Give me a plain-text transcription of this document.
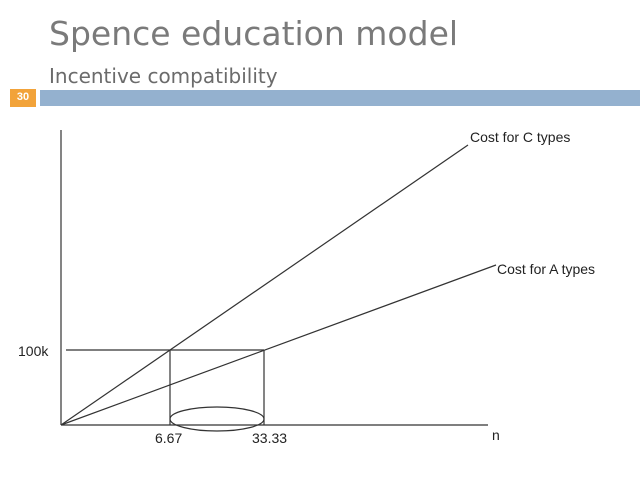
Spence education model
Incentive compatibility
30
100k
6.67	33.33	n
Cost for C types
Cost for A types
